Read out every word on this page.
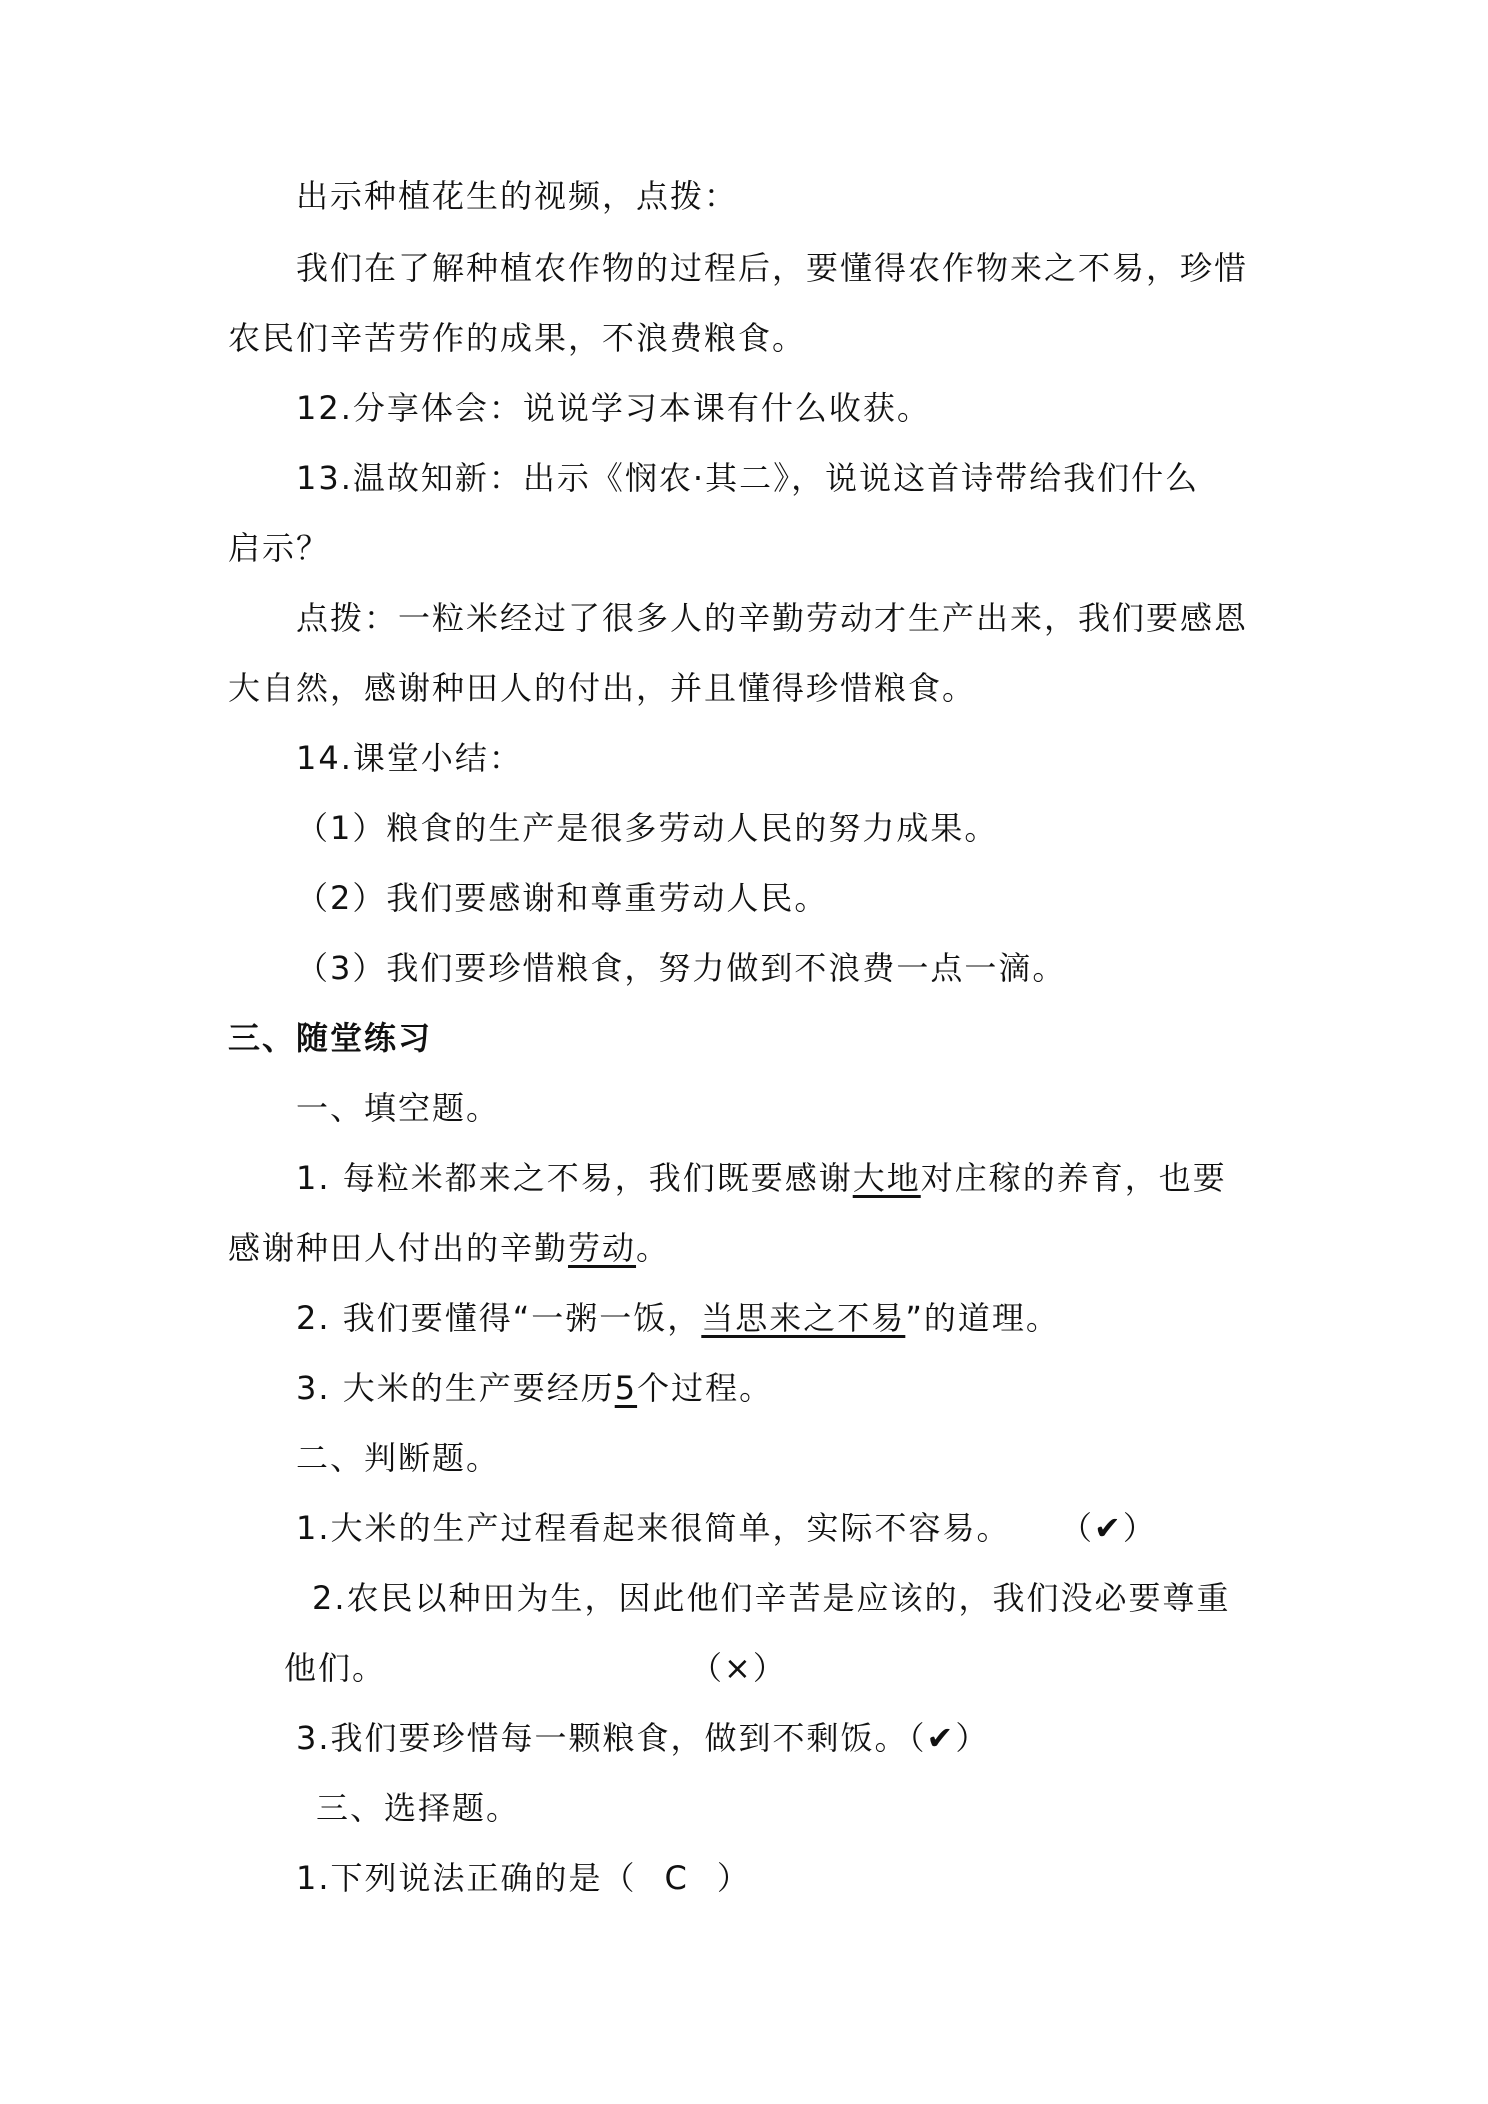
出示种植花生的视频，点拨：
我们在了解种植农作物的过程后，要懂得农作物来之不易，珍惜
农民们辛苦劳作的成果，不浪费粮食。
12.分享体会：说说学习本课有什么收获。
13.温故知新：出示《悯农·其二》，说说这首诗带给我们什么
启示？
点拨：一粒米经过了很多人的辛勤劳动才生产出来，我们要感恩
大自然，感谢种田人的付出，并且懂得珍惜粮食。
14.课堂小结：
（1）粮食的生产是很多劳动人民的努力成果。
（2）我们要感谢和尊重劳动人民。
（3）我们要珍惜粮食，努力做到不浪费一点一滴。
三、随堂练习
一、填空题。
1. 每粒米都来之不易，我们既要感谢大地对庄稼的养育，也要
感谢种田人付出的辛勤劳动。
2. 我们要懂得“一粥一饭，当思来之不易”的道理。
3. 大米的生产要经历5个过程。
二、判断题。
1.大米的生产过程看起来很简单，实际不容易。 （✔）
2.农民以种田为生，因此他们辛苦是应该的，我们没必要尊重
他们。	（×）
3.我们要珍惜每一颗粮食，做到不剩饭。（✔）
三、选择题。
1.下列说法正确的是（ C ）
